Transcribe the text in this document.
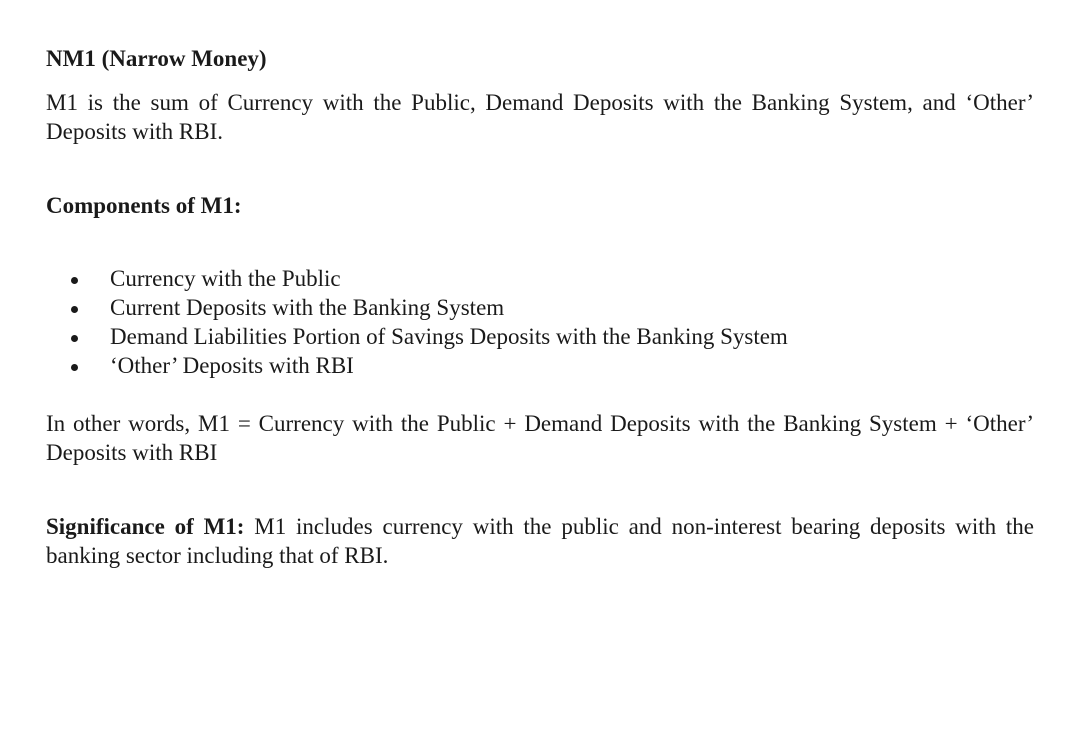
NM1 (Narrow Money)

M1 is the sum of Currency with the Public, Demand Deposits with the Banking System, and ‘Other’ Deposits with RBI.

Components of M1:

Currency with the Public
Current Deposits with the Banking System
Demand Liabilities Portion of Savings Deposits with the Banking System
‘Other’ Deposits with RBI

In other words, M1 = Currency with the Public + Demand Deposits with the Banking System + ‘Other’ Deposits with RBI

Significance of M1: M1 includes currency with the public and non-interest bearing deposits with the banking sector including that of RBI.
